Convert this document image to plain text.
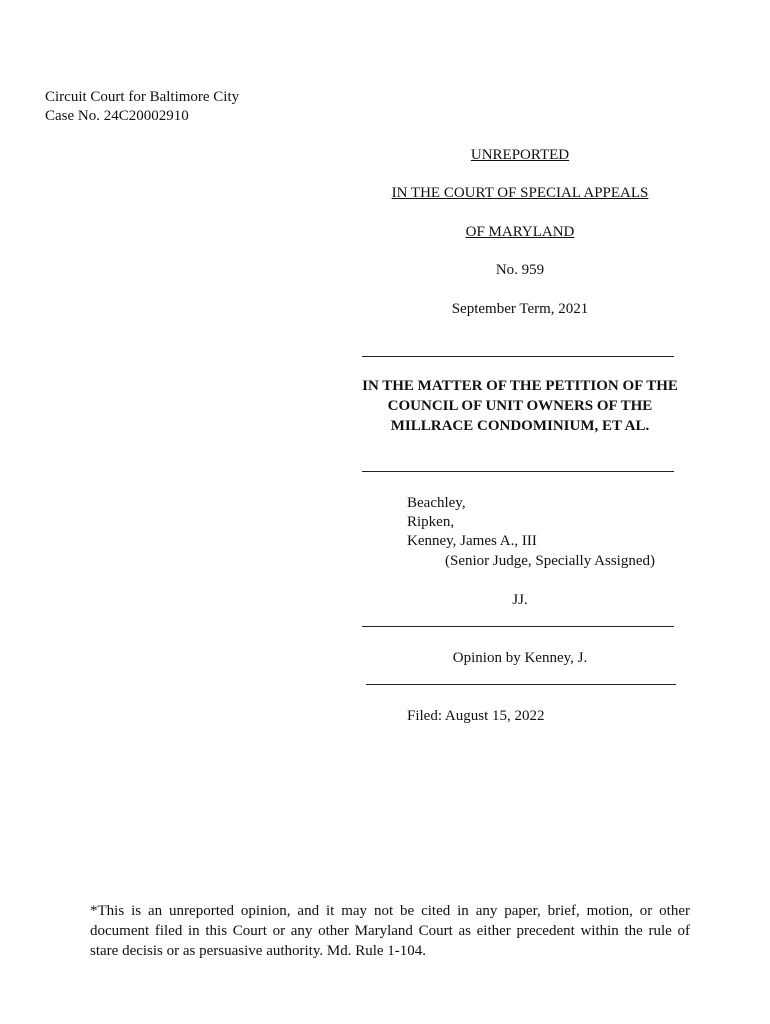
Circuit Court for Baltimore City
Case No. 24C20002910
UNREPORTED
IN THE COURT OF SPECIAL APPEALS
OF MARYLAND
No. 959
September Term, 2021
IN THE MATTER OF THE PETITION OF THE COUNCIL OF UNIT OWNERS OF THE MILLRACE CONDOMINIUM, ET AL.
Beachley,
Ripken,
Kenney, James A., III
(Senior Judge, Specially Assigned)
JJ.
Opinion by Kenney, J.
Filed: August 15, 2022
*This is an unreported opinion, and it may not be cited in any paper, brief, motion, or other document filed in this Court or any other Maryland Court as either precedent within the rule of stare decisis or as persuasive authority. Md. Rule 1-104.
